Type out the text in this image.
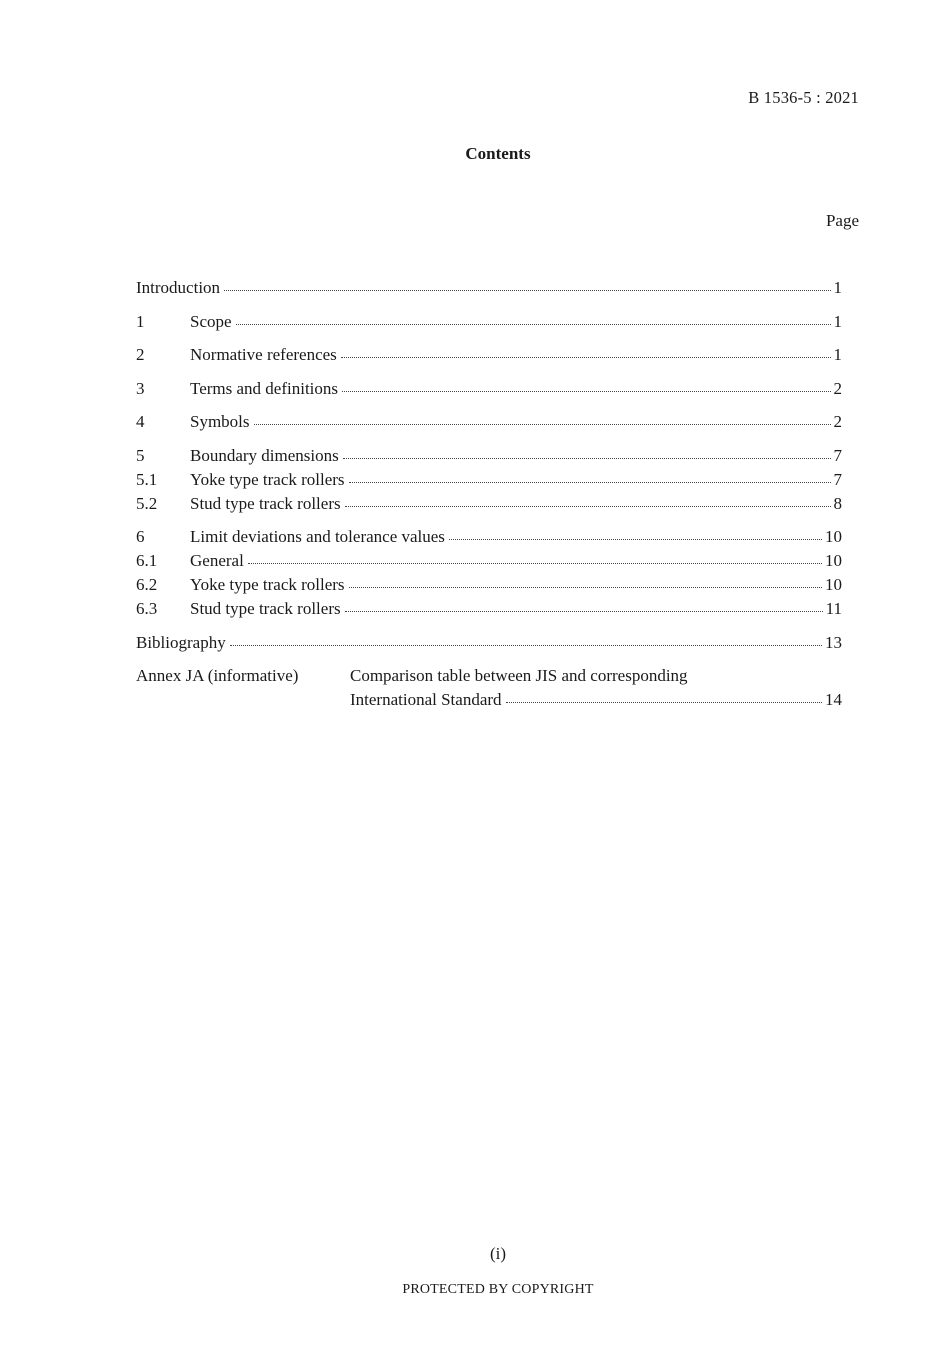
B 1536-5 : 2021
Contents
Page
Introduction	1
1	Scope	1
2	Normative references	1
3	Terms and definitions	2
4	Symbols	2
5	Boundary dimensions	7
5.1	Yoke type track rollers	7
5.2	Stud type track rollers	8
6	Limit deviations and tolerance values	10
6.1	General	10
6.2	Yoke type track rollers	10
6.3	Stud type track rollers	11
Bibliography	13
Annex JA (informative)	Comparison table between JIS and corresponding
International Standard	14
(i)
PROTECTED BY COPYRIGHT
